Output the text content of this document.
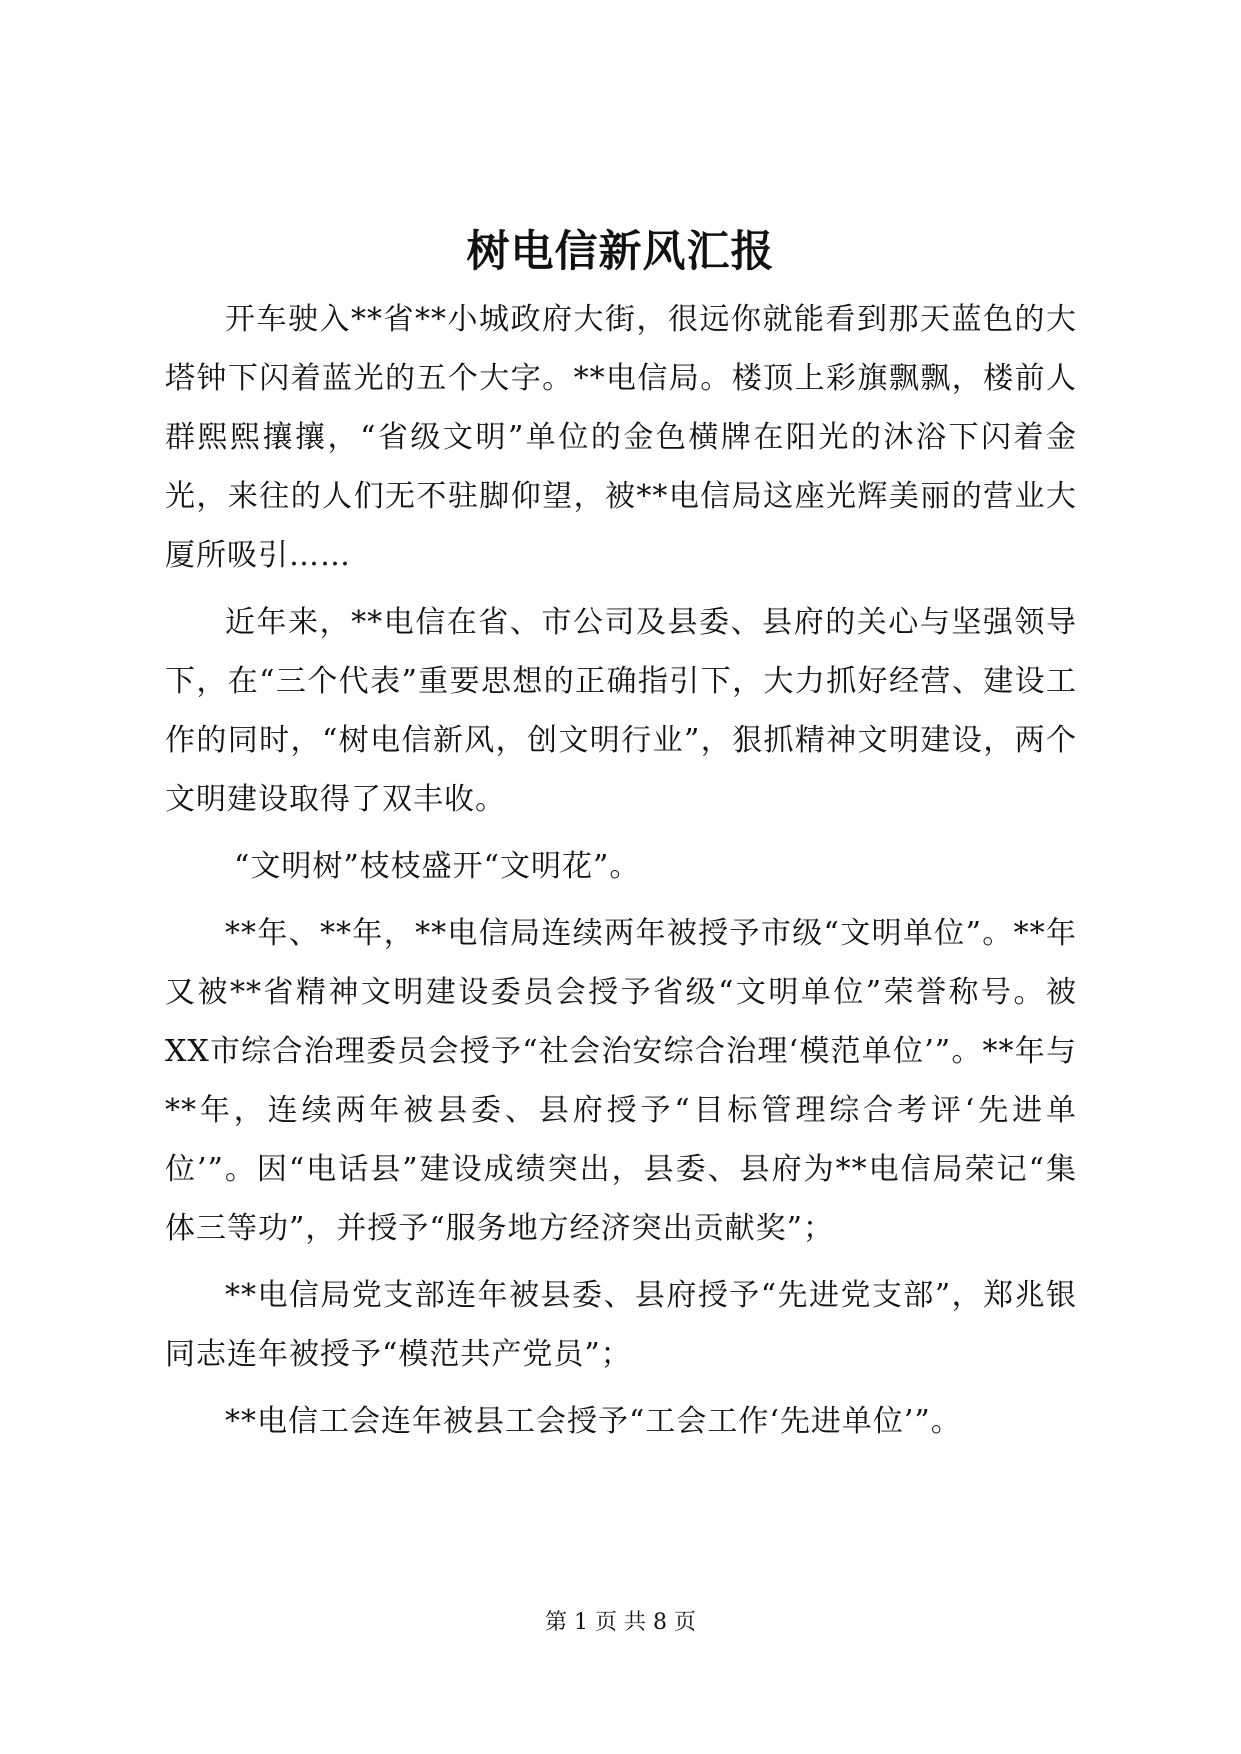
树电信新风汇报

开车驶入**省**小城政府大街，很远你就能看到那天蓝色的大塔钟下闪着蓝光的五个大字。**电信局。楼顶上彩旗飘飘，楼前人群熙熙攘攘，“省级文明”单位的金色横牌在阳光的沐浴下闪着金光，来往的人们无不驻脚仰望，被**电信局这座光辉美丽的营业大厦所吸引……

近年来，**电信在省、市公司及县委、县府的关心与坚强领导下，在“三个代表”重要思想的正确指引下，大力抓好经营、建设工作的同时，“树电信新风，创文明行业”，狠抓精神文明建设，两个文明建设取得了双丰收。

“文明树”枝枝盛开“文明花”。

**年、**年，**电信局连续两年被授予市级“文明单位”。**年又被**省精神文明建设委员会授予省级“文明单位”荣誉称号。被XX市综合治理委员会授予“社会治安综合治理‘模范单位’”。**年与**年，连续两年被县委、县府授予“目标管理综合考评‘先进单位’”。因“电话县”建设成绩突出，县委、县府为**电信局荣记“集体三等功”，并授予“服务地方经济突出贡献奖”；

**电信局党支部连年被县委、县府授予“先进党支部”，郑兆银同志连年被授予“模范共产党员”；

**电信工会连年被县工会授予“工会工作‘先进单位’”。

第 1 页 共 8 页
